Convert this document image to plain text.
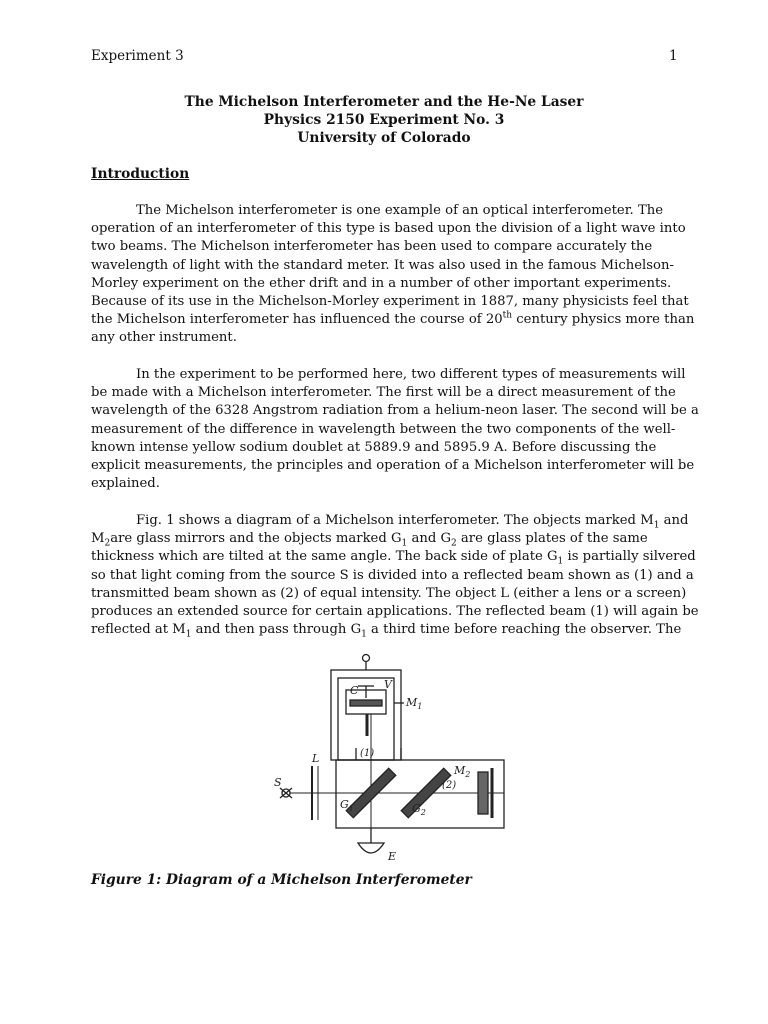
Experiment 3	1
The Michelson Interferometer and the He-Ne Laser
Physics 2150 Experiment No. 3
University of Colorado
Introduction
The Michelson interferometer is one example of an optical interferometer. The
operation of an interferometer of this type is based upon the division of a light wave into
two beams. The Michelson interferometer has been used to compare accurately the
wavelength of light with the standard meter. It was also used in the famous Michelson-
Morley experiment on the ether drift and in a number of other important experiments.
Because of its use in the Michelson-Morley experiment in 1887, many physicists feel that
the Michelson interferometer has influenced the course of 20th century physics more than
any other instrument.
In the experiment to be performed here, two different types of measurements will
be made with a Michelson interferometer. The first will be a direct measurement of the
wavelength of the 6328 Angstrom radiation from a helium-neon laser. The second will be a
measurement of the difference in wavelength between the two components of the well-
known intense yellow sodium doublet at 5889.9 and 5895.9 A. Before discussing the
explicit measurements, the principles and operation of a Michelson interferometer will be
explained.
Fig. 1 shows a diagram of a Michelson interferometer. The objects marked $M_1$ and
$M_2are$ glass mirrors and the objects marked $G_1$ and $G_2$ are glass plates of the same
thickness which are tilted at the same angle. The back side of plate $G_1$ is partially silvered
so that light coming from the source S is divided into a reflected beam shown as (1) and a
transmitted beam shown as (2) of equal intensity. The object L (either a lens or a screen)
produces an extended source for certain applications. The reflected beam (1) will again be
reflected at $M_1$ and then pass through $G_1$ a third time before reaching the observer. The
C V
$M_1$
(1)
L
S
$G_1$	$G_2$
(2)
$M_2$
E
Figure 1: Diagram of a Michelson Interferometer
